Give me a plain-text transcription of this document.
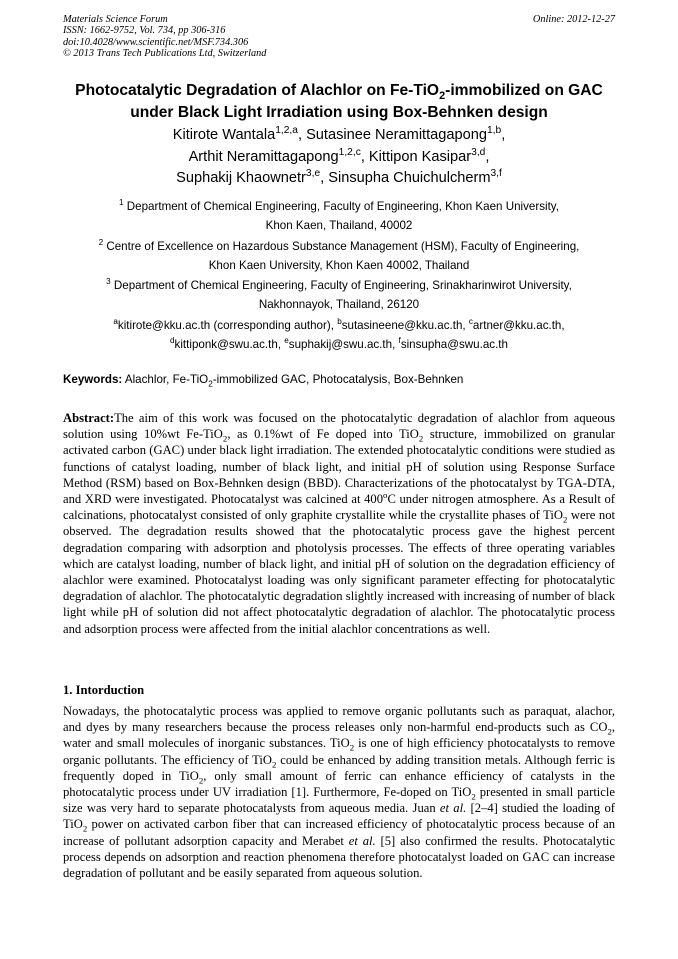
Materials Science Forum
ISSN: 1662-9752, Vol. 734, pp 306-316
doi:10.4028/www.scientific.net/MSF.734.306
© 2013 Trans Tech Publications Ltd, Switzerland
Online: 2012-12-27
Photocatalytic Degradation of Alachlor on Fe-TiO$_2$-immobilized on GAC
under Black Light Irradiation using Box-Behnken design
Kitirote Wantala$^{1,2,a}$, Sutasinee Neramittagapong$^{1,b}$,
Arthit Neramittagapong$^{1,2,c}$, Kittipon Kasipar$^{3,d}$,
Suphakij Khaownetr$^{3,e}$, Sinsupha Chuichulcherm$^{3,f}$
$^1$ Department of Chemical Engineering, Faculty of Engineering, Khon Kaen University,
Khon Kaen, Thailand, 40002
$^2$ Centre of Excellence on Hazardous Substance Management (HSM), Faculty of Engineering,
Khon Kaen University, Khon Kaen 40002, Thailand
$^3$ Department of Chemical Engineering, Faculty of Engineering, Srinakharinwirot University,
Nakhonnayok, Thailand, 26120
$^a$kitirote@kku.ac.th (corresponding author), $^b$sutasineene@kku.ac.th, $^c$artner@kku.ac.th,
$^d$kittiponk@swu.ac.th, $^e$suphakij@swu.ac.th, $^f$sinsupha@swu.ac.th
Keywords: Alachlor, Fe-TiO$_2$-immobilized GAC, Photocatalysis, Box-Behnken
Abstract:The aim of this work was focused on the photocatalytic degradation of alachlor from aqueous solution using 10%wt Fe-TiO$_2$, as 0.1%wt of Fe doped into TiO$_2$ structure, immobilized on granular activated carbon (GAC) under black light irradiation. The extended photocatalytic conditions were studied as functions of catalyst loading, number of black light, and initial pH of solution using Response Surface Method (RSM) based on Box-Behnken design (BBD). Characterizations of the photocatalyst by TGA-DTA, and XRD were investigated. Photocatalyst was calcined at 400$^o$C under nitrogen atmosphere. As a Result of calcinations, photocatalyst consisted of only graphite crystallite while the crystallite phases of TiO$_2$ were not observed. The degradation results showed that the photocatalytic process gave the highest percent degradation comparing with adsorption and photolysis processes. The effects of three operating variables which are catalyst loading, number of black light, and initial pH of solution on the degradation efficiency of alachlor were examined. Photocatalyst loading was only significant parameter effecting for photocatalytic degradation of alachlor. The photocatalytic degradation slightly increased with increasing of number of black light while pH of solution did not affect photocatalytic degradation of alachlor. The photocatalytic process and adsorption process were affected from the initial alachlor concentrations as well.
1. Intorduction
Nowadays, the photocatalytic process was applied to remove organic pollutants such as paraquat, alachor, and dyes by many researchers because the process releases only non-harmful end-products such as $CO_2$, water and small molecules of inorganic substances. TiO$_2$ is one of high efficiency photocatalysts to remove organic pollutants. The efficiency of TiO$_2$ could be enhanced by adding transition metals. Although ferric is frequently doped in TiO$_2$, only small amount of ferric can enhance efficiency of catalysts in the photocatalytic process under UV irradiation [1]. Furthermore, Fe-doped on TiO$_2$ presented in small particle size was very hard to separate photocatalysts from aqueous media. Juan et al. [2–4] studied the loading of TiO$_2$ power on activated carbon fiber that can increased efficiency of photocatalytic process because of an increase of pollutant adsorption capacity and Merabet et al. [5] also confirmed the results. Photocatalytic process depends on adsorption and reaction phenomena therefore photocatalyst loaded on GAC can increase degradation of pollutant and be easily separated from aqueous solution.
